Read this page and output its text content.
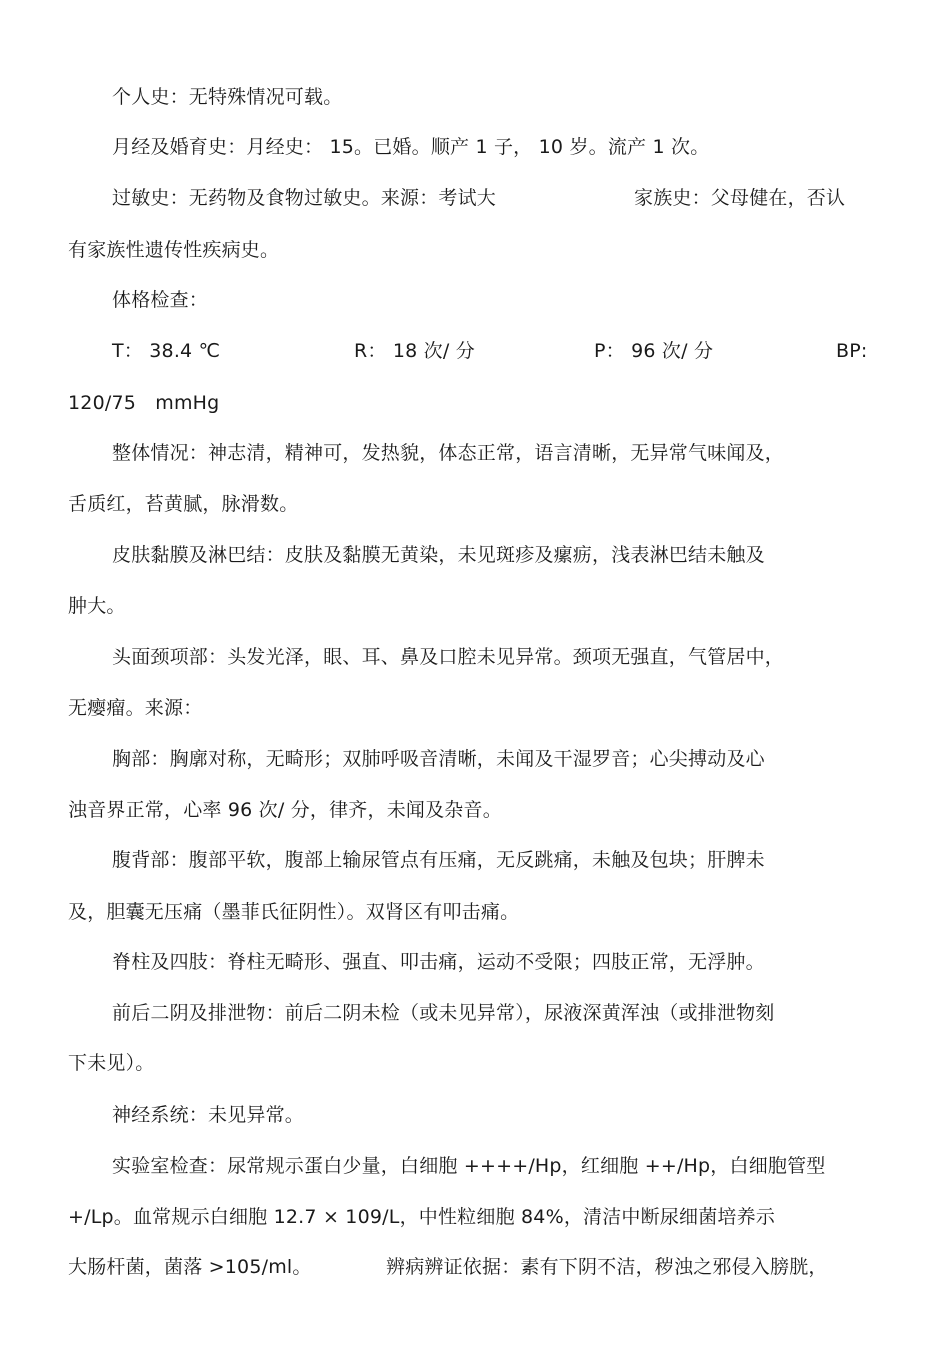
个人史：无特殊情况可载。
月经及婚育史：月经史： 15。已婚。顺产 1 子， 10 岁。流产 1 次。
过敏史：无药物及食物过敏史。来源：考试大	家族史：父母健在，否认
有家族性遗传性疾病史。
体格检查：
T： 38.4 ℃	R： 18 次/ 分	P： 96 次/ 分	BP:
120/75　mmHg
整体情况：神志清，精神可，发热貌，体态正常，语言清晰，无异常气味闻及，
舌质红，苔黄腻，脉滑数。
皮肤黏膜及淋巴结：皮肤及黏膜无黄染，未见斑疹及瘰疬，浅表淋巴结未触及
肿大。
头面颈项部：头发光泽，眼、耳、鼻及口腔未见异常。颈项无强直，气管居中，
无瘿瘤。来源：
胸部：胸廓对称，无畸形；双肺呼吸音清晰，未闻及干湿罗音；心尖搏动及心
浊音界正常，心率 96 次/ 分，律齐，未闻及杂音。
腹背部：腹部平软，腹部上输尿管点有压痛，无反跳痛，未触及包块；肝脾未
及，胆囊无压痛（墨菲氏征阴性）。双肾区有叩击痛。
脊柱及四肢：脊柱无畸形、强直、叩击痛，运动不受限；四肢正常，无浮肿。
前后二阴及排泄物：前后二阴未检（或未见异常），尿液深黄浑浊（或排泄物刻
下未见）。
神经系统：未见异常。
实验室检查：尿常规示蛋白少量，白细胞 ++++/Hp，红细胞 ++/Hp，白细胞管型
+/Lp。血常规示白细胞 12.7 × 109/L，中性粒细胞 84%，清洁中断尿细菌培养示
大肠杆菌，菌落 >105/ml。	辨病辨证依据：素有下阴不洁，秽浊之邪侵入膀胱，
